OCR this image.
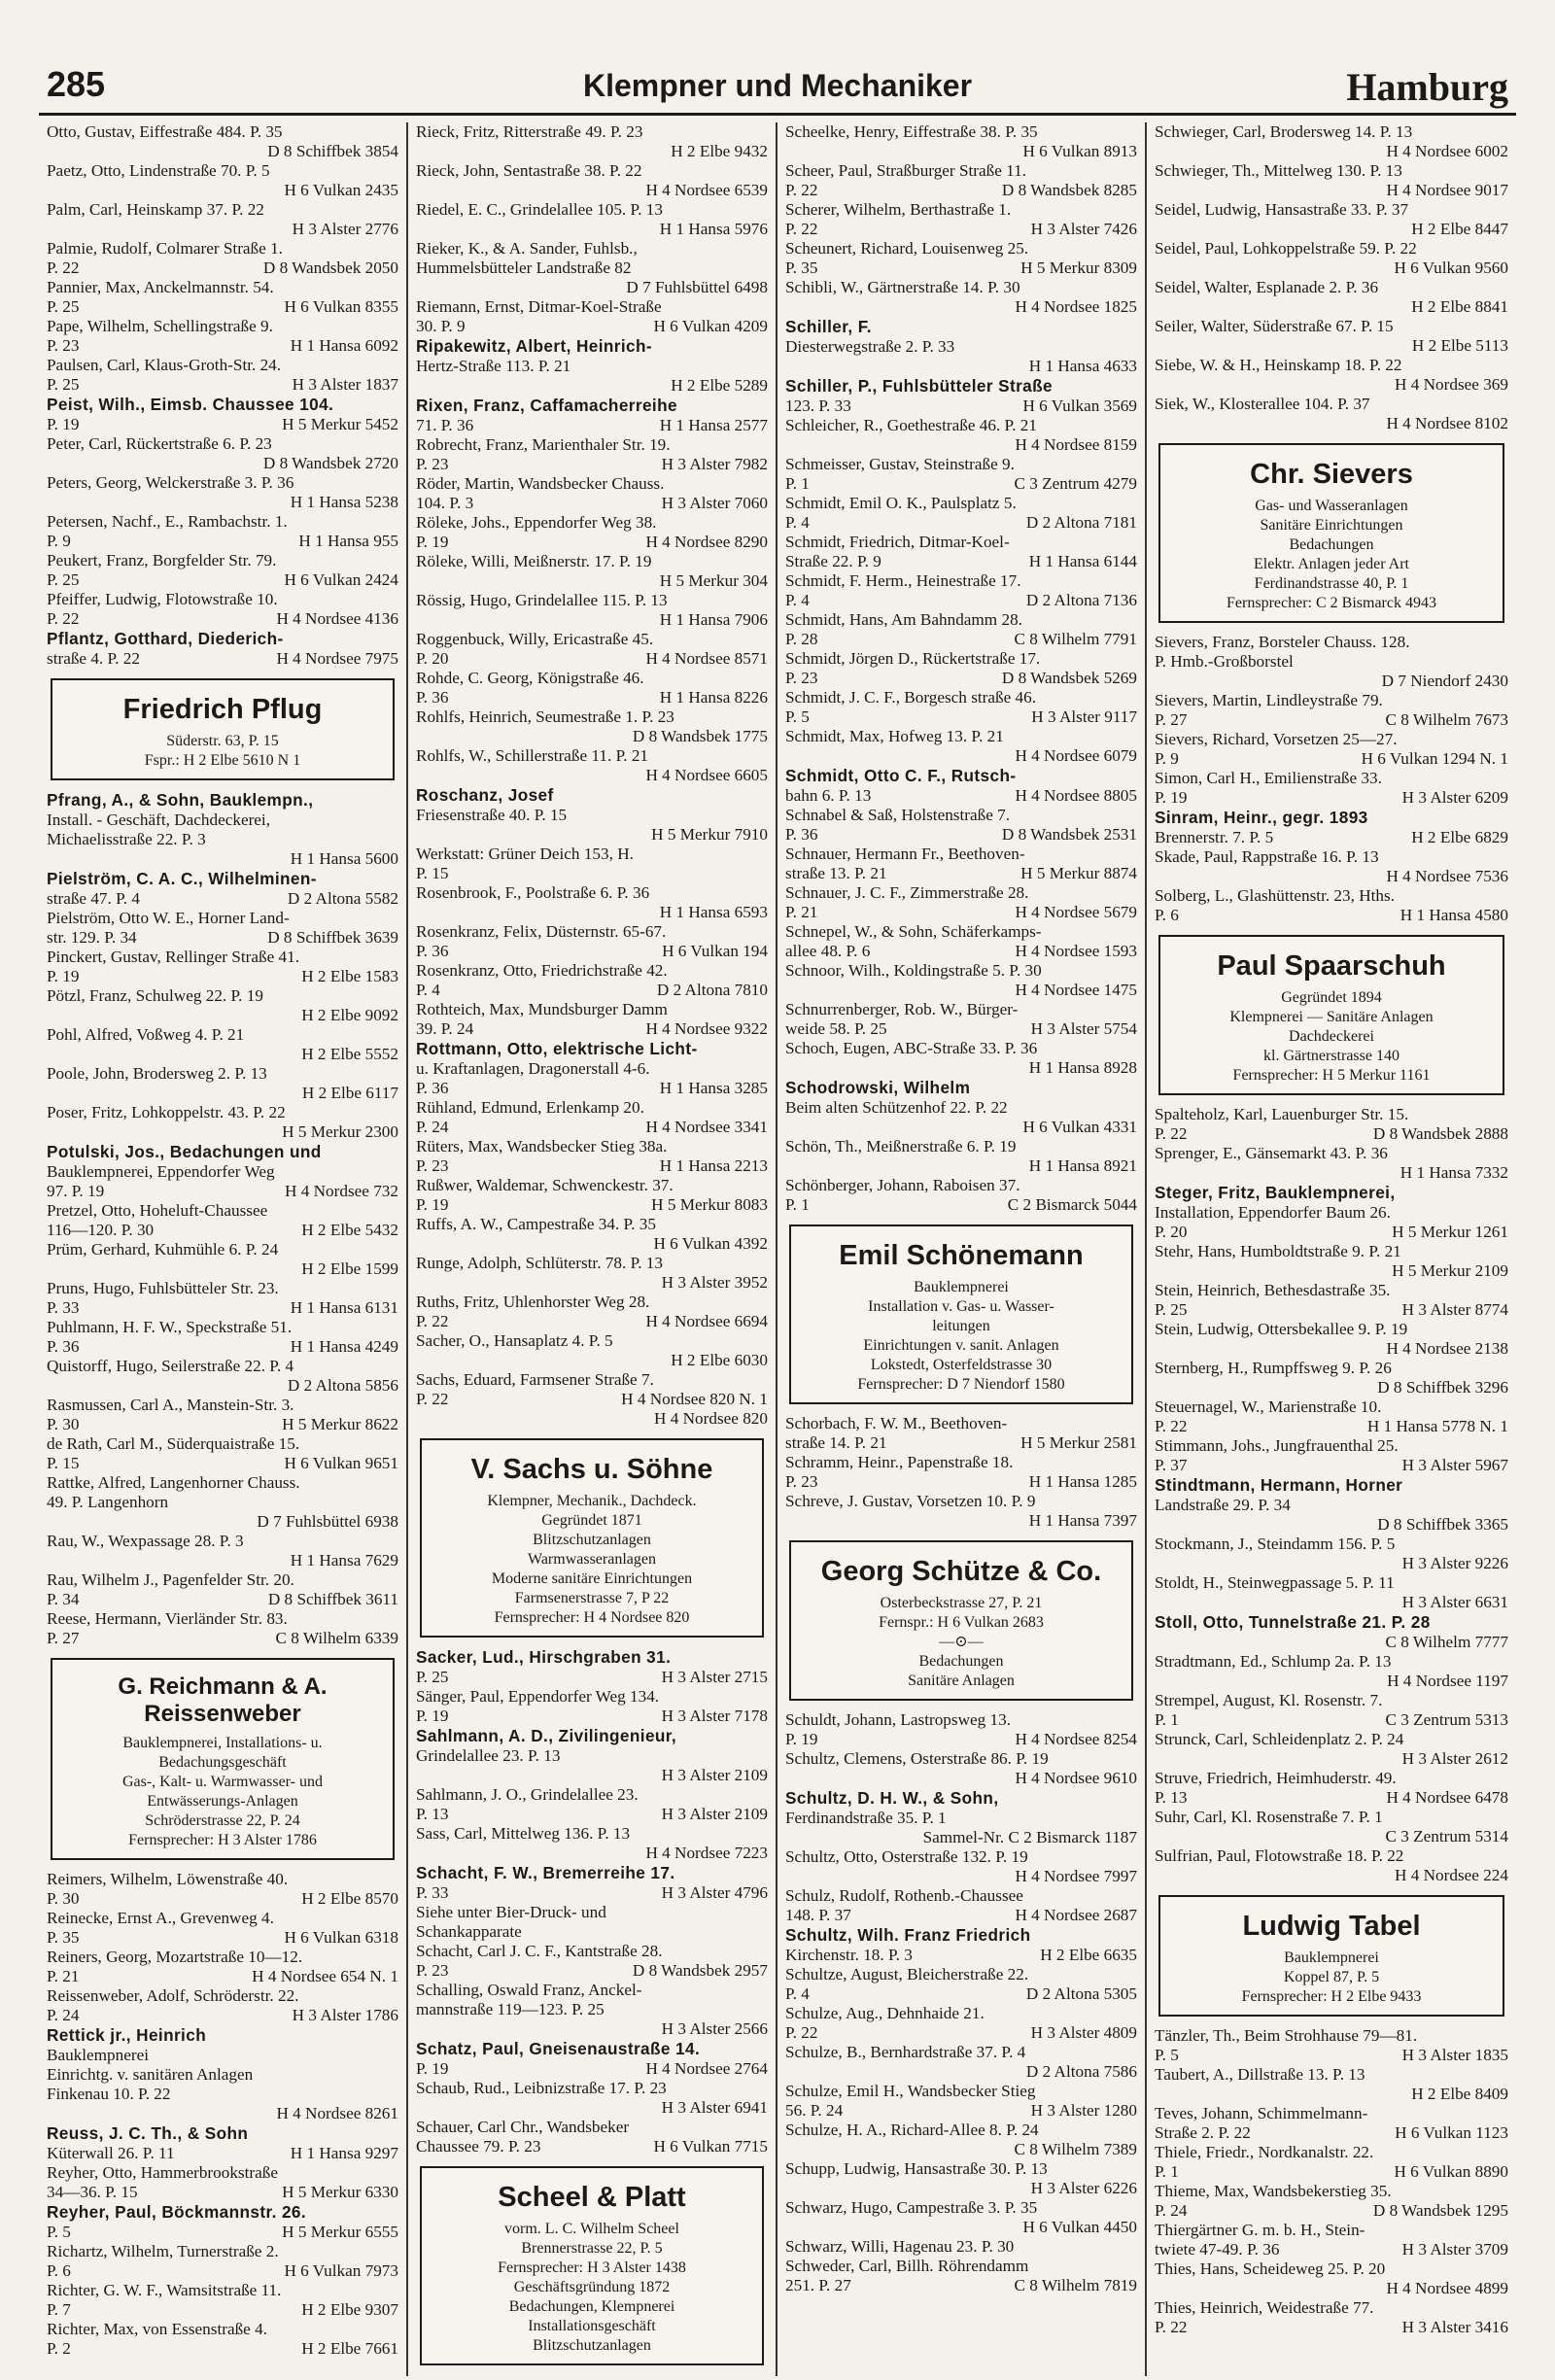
285	Klempner und Mechaniker	Hamburg
Otto, Gustav, Eiffestraße 484. P. 35
D 8 Schiffbek 3854
Paetz, Otto, Lindenstraße 70. P. 5
H 6 Vulkan 2435
Palm, Carl, Heinskamp 37. P. 22
H 3 Alster 2776
Palmie, Rudolf, Colmarer Straße 1.
D 8 Wandsbek 2050
P. 22
Pannier, Max, Anckelmannstr. 54.
H 6 Vulkan 8355
P. 25
Pape, Wilhelm, Schellingstraße 9.
H 1 Hansa 6092
P. 23
Paulsen, Carl, Klaus-Groth-Str. 24.
H 3 Alster 1837
P. 25
Peist, Wilh., Eimsb. Chaussee 104.
H 5 Merkur 5452
P. 19
Peter, Carl, Rückertstraße 6. P. 23
D 8 Wandsbek 2720
Peters, Georg, Welckerstraße 3. P. 36
H 1 Hansa 5238
Petersen, Nachf., E., Rambachstr. 1.
H 1 Hansa 955
P. 9
Peukert, Franz, Borgfelder Str. 79.
H 6 Vulkan 2424
P. 25
Pfeiffer, Ludwig, Flotowstraße 10.
H 4 Nordsee 4136
P. 22
Pflantz, Gotthard, Diederich-
H 4 Nordsee 7975
straße 4. P. 22
Friedrich Pflug
Süderstr. 63, P. 15
Fspr.: H 2 Elbe 5610 N 1
Pfrang, A., & Sohn, Bauklempn.,
Install. - Geschäft, Dachdeckerei,
Michaelisstraße 22. P. 3
H 1 Hansa 5600
Pielström, C. A. C., Wilhelminen-
D 2 Altona 5582
straße 47. P. 4
Pielström, Otto W. E., Horner Land-
D 8 Schiffbek 3639
str. 129. P. 34
Pinckert, Gustav, Rellinger Straße 41.
H 2 Elbe 1583
P. 19
Pötzl, Franz, Schulweg 22. P. 19
H 2 Elbe 9092
Pohl, Alfred, Voßweg 4. P. 21
H 2 Elbe 5552
Poole, John, Brodersweg 2. P. 13
H 2 Elbe 6117
Poser, Fritz, Lohkoppelstr. 43. P. 22
H 5 Merkur 2300
Potulski, Jos., Bedachungen und
Bauklempnerei, Eppendorfer Weg
H 4 Nordsee 732
97. P. 19
Pretzel, Otto, Hoheluft-Chaussee
H 2 Elbe 5432
116—120. P. 30
Prüm, Gerhard, Kuhmühle 6. P. 24
H 2 Elbe 1599
Pruns, Hugo, Fuhlsbütteler Str. 23.
H 1 Hansa 6131
P. 33
Puhlmann, H. F. W., Speckstraße 51.
H 1 Hansa 4249
P. 36
Quistorff, Hugo, Seilerstraße 22. P. 4
D 2 Altona 5856
Rasmussen, Carl A., Manstein-Str. 3.
H 5 Merkur 8622
P. 30
de Rath, Carl M., Süderquaistraße 15.
H 6 Vulkan 9651
P. 15
Rattke, Alfred, Langenhorner Chauss.
49. P. Langenhorn
D 7 Fuhlsbüttel 6938
Rau, W., Wexpassage 28. P. 3
H 1 Hansa 7629
Rau, Wilhelm J., Pagenfelder Str. 20.
D 8 Schiffbek 3611
P. 34
Reese, Hermann, Vierländer Str. 83.
C 8 Wilhelm 6339
P. 27
G. Reichmann & A. Reissenweber
Bauklempnerei, Installations- u.
Bedachungsgeschäft
Gas-, Kalt- u. Warmwasser- und
Entwässerungs-Anlagen
Schröderstrasse 22, P. 24
Fernsprecher: H 3 Alster 1786
Reimers, Wilhelm, Löwenstraße 40.
H 2 Elbe 8570
P. 30
Reinecke, Ernst A., Grevenweg 4.
H 6 Vulkan 6318
P. 35
Reiners, Georg, Mozartstraße 10—12.
H 4 Nordsee 654 N. 1
P. 21
Reissenweber, Adolf, Schröderstr. 22.
H 3 Alster 1786
P. 24
Rettick jr., Heinrich
Bauklempnerei
Einrichtg. v. sanitären Anlagen
Finkenau 10. P. 22
H 4 Nordsee 8261
Reuss, J. C. Th., & Sohn
H 1 Hansa 9297
Küterwall 26. P. 11
Reyher, Otto, Hammerbrookstraße
H 5 Merkur 6330
34—36. P. 15
Reyher, Paul, Böckmannstr. 26.
H 5 Merkur 6555
P. 5
Richartz, Wilhelm, Turnerstraße 2.
H 6 Vulkan 7973
P. 6
Richter, G. W. F., Wamsitstraße 11.
H 2 Elbe 9307
P. 7
Richter, Max, von Essenstraße 4.
H 2 Elbe 7661
P. 2
Rieck, Fritz, Ritterstraße 49. P. 23
H 2 Elbe 9432
Rieck, John, Sentastraße 38. P. 22
H 4 Nordsee 6539
Riedel, E. C., Grindelallee 105. P. 13
H 1 Hansa 5976
Rieker, K., & A. Sander, Fuhlsb.,
Hummelsbütteler Landstraße 82
D 7 Fuhlsbüttel 6498
Riemann, Ernst, Ditmar-Koel-Straße
H 6 Vulkan 4209
30. P. 9
Ripakewitz, Albert, Heinrich-
Hertz-Straße 113. P. 21
H 2 Elbe 5289
Rixen, Franz, Caffamacherreihe
H 1 Hansa 2577
71. P. 36
Robrecht, Franz, Marienthaler Str. 19.
H 3 Alster 7982
P. 23
Röder, Martin, Wandsbecker Chauss.
H 3 Alster 7060
104. P. 3
Röleke, Johs., Eppendorfer Weg 38.
H 4 Nordsee 8290
P. 19
Röleke, Willi, Meißnerstr. 17. P. 19
H 5 Merkur 304
Rössig, Hugo, Grindelallee 115. P. 13
H 1 Hansa 7906
Roggenbuck, Willy, Ericastraße 45.
H 4 Nordsee 8571
P. 20
Rohde, C. Georg, Königstraße 46.
H 1 Hansa 8226
P. 36
Rohlfs, Heinrich, Seumestraße 1. P. 23
D 8 Wandsbek 1775
Rohlfs, W., Schillerstraße 11. P. 21
H 4 Nordsee 6605
Roschanz, Josef
Friesenstraße 40. P. 15
H 5 Merkur 7910
Werkstatt: Grüner Deich 153, H.
P. 15
Rosenbrook, F., Poolstraße 6. P. 36
H 1 Hansa 6593
Rosenkranz, Felix, Düsternstr. 65-67.
H 6 Vulkan 194
P. 36
Rosenkranz, Otto, Friedrichstraße 42.
D 2 Altona 7810
P. 4
Rothteich, Max, Mundsburger Damm
H 4 Nordsee 9322
39. P. 24
Rottmann, Otto, elektrische Licht-
u. Kraftanlagen, Dragonerstall 4-6.
H 1 Hansa 3285
P. 36
Rühland, Edmund, Erlenkamp 20.
H 4 Nordsee 3341
P. 24
Rüters, Max, Wandsbecker Stieg 38a.
H 1 Hansa 2213
P. 23
Rußwer, Waldemar, Schwenckestr. 37.
H 5 Merkur 8083
P. 19
Ruffs, A. W., Campestraße 34. P. 35
H 6 Vulkan 4392
Runge, Adolph, Schlüterstr. 78. P. 13
H 3 Alster 3952
Ruths, Fritz, Uhlenhorster Weg 28.
H 4 Nordsee 6694
P. 22
Sacher, O., Hansaplatz 4. P. 5
H 2 Elbe 6030
Sachs, Eduard, Farmsener Straße 7.
H 4 Nordsee 820 N. 1
P. 22
H 4 Nordsee 820
V. Sachs u. Söhne
Klempner, Mechanik., Dachdeck.
Gegründet 1871
Blitzschutzanlagen
Warmwasseranlagen
Moderne sanitäre Einrichtungen
Farmsenerstrasse 7, P 22
Fernsprecher: H 4 Nordsee 820
Sacker, Lud., Hirschgraben 31.
H 3 Alster 2715
P. 25
Sänger, Paul, Eppendorfer Weg 134.
H 3 Alster 7178
P. 19
Sahlmann, A. D., Zivilingenieur,
Grindelallee 23. P. 13
H 3 Alster 2109
Sahlmann, J. O., Grindelallee 23.
H 3 Alster 2109
P. 13
Sass, Carl, Mittelweg 136. P. 13
H 4 Nordsee 7223
Schacht, F. W., Bremerreihe 17.
H 3 Alster 4796
P. 33
Siehe unter Bier-Druck- und
Schankapparate
Schacht, Carl J. C. F., Kantstraße 28.
D 8 Wandsbek 2957
P. 23
Schalling, Oswald Franz, Anckel-
mannstraße 119—123. P. 25
H 3 Alster 2566
Schatz, Paul, Gneisenaustraße 14.
H 4 Nordsee 2764
P. 19
Schaub, Rud., Leibnizstraße 17. P. 23
H 3 Alster 6941
Schauer, Carl Chr., Wandsbeker
H 6 Vulkan 7715
Chaussee 79. P. 23
Scheel & Platt
vorm. L. C. Wilhelm Scheel
Brennerstrasse 22, P. 5
Fernsprecher: H 3 Alster 1438
Geschäftsgründung 1872
Bedachungen, Klempnerei
Installationsgeschäft
Blitzschutzanlagen
Scheelke, Henry, Eiffestraße 38. P. 35
H 6 Vulkan 8913
Scheer, Paul, Straßburger Straße 11.
D 8 Wandsbek 8285
P. 22
Scherer, Wilhelm, Berthastraße 1.
H 3 Alster 7426
P. 22
Scheunert, Richard, Louisenweg 25.
H 5 Merkur 8309
P. 35
Schibli, W., Gärtnerstraße 14. P. 30
H 4 Nordsee 1825
Schiller, F.
Diesterwegstraße 2. P. 33
H 1 Hansa 4633
Schiller, P., Fuhlsbütteler Straße
H 6 Vulkan 3569
123. P. 33
Schleicher, R., Goethestraße 46. P. 21
H 4 Nordsee 8159
Schmeisser, Gustav, Steinstraße 9.
C 3 Zentrum 4279
P. 1
Schmidt, Emil O. K., Paulsplatz 5.
D 2 Altona 7181
P. 4
Schmidt, Friedrich, Ditmar-Koel-
H 1 Hansa 6144
Straße 22. P. 9
Schmidt, F. Herm., Heinestraße 17.
D 2 Altona 7136
P. 4
Schmidt, Hans, Am Bahndamm 28.
C 8 Wilhelm 7791
P. 28
Schmidt, Jörgen D., Rückertstraße 17.
D 8 Wandsbek 5269
P. 23
Schmidt, J. C. F., Borgesch straße 46.
H 3 Alster 9117
P. 5
Schmidt, Max, Hofweg 13. P. 21
H 4 Nordsee 6079
Schmidt, Otto C. F., Rutsch-
H 4 Nordsee 8805
bahn 6. P. 13
Schnabel & Saß, Holstenstraße 7.
D 8 Wandsbek 2531
P. 36
Schnauer, Hermann Fr., Beethoven-
H 5 Merkur 8874
straße 13. P. 21
Schnauer, J. C. F., Zimmerstraße 28.
H 4 Nordsee 5679
P. 21
Schnepel, W., & Sohn, Schäferkamps-
H 4 Nordsee 1593
allee 48. P. 6
Schnoor, Wilh., Koldingstraße 5. P. 30
H 4 Nordsee 1475
Schnurrenberger, Rob. W., Bürger-
H 3 Alster 5754
weide 58. P. 25
Schoch, Eugen, ABC-Straße 33. P. 36
H 1 Hansa 8928
Schodrowski, Wilhelm
Beim alten Schützenhof 22. P. 22
H 6 Vulkan 4331
Schön, Th., Meißnerstraße 6. P. 19
H 1 Hansa 8921
Schönberger, Johann, Raboisen 37.
C 2 Bismarck 5044
P. 1
Emil Schönemann
Bauklempnerei
Installation v. Gas- u. Wasser-
leitungen
Einrichtungen v. sanit. Anlagen
Lokstedt, Osterfeldstrasse 30
Fernsprecher: D 7 Niendorf 1580
Schorbach, F. W. M., Beethoven-
H 5 Merkur 2581
straße 14. P. 21
Schramm, Heinr., Papenstraße 18.
H 1 Hansa 1285
P. 23
Schreve, J. Gustav, Vorsetzen 10. P. 9
H 1 Hansa 7397
Georg Schütze & Co.
Osterbeckstrasse 27, P. 21
Fernspr.: H 6 Vulkan 2683
—⊙—
Bedachungen
Sanitäre Anlagen
Schuldt, Johann, Lastropsweg 13.
H 4 Nordsee 8254
P. 19
Schultz, Clemens, Osterstraße 86. P. 19
H 4 Nordsee 9610
Schultz, D. H. W., & Sohn,
Ferdinandstraße 35. P. 1
Sammel-Nr. C 2 Bismarck 1187
Schultz, Otto, Osterstraße 132. P. 19
H 4 Nordsee 7997
Schulz, Rudolf, Rothenb.-Chaussee
H 4 Nordsee 2687
148. P. 37
Schultz, Wilh. Franz Friedrich
H 2 Elbe 6635
Kirchenstr. 18. P. 3
Schultze, August, Bleicherstraße 22.
D 2 Altona 5305
P. 4
Schulze, Aug., Dehnhaide 21.
H 3 Alster 4809
P. 22
Schulze, B., Bernhardstraße 37. P. 4
D 2 Altona 7586
Schulze, Emil H., Wandsbecker Stieg
H 3 Alster 1280
56. P. 24
Schulze, H. A., Richard-Allee 8. P. 24
C 8 Wilhelm 7389
Schupp, Ludwig, Hansastraße 30. P. 13
H 3 Alster 6226
Schwarz, Hugo, Campestraße 3. P. 35
H 6 Vulkan 4450
Schwarz, Willi, Hagenau 23. P. 30
Schweder, Carl, Billh. Röhrendamm
C 8 Wilhelm 7819
251. P. 27
Schwieger, Carl, Brodersweg 14. P. 13
H 4 Nordsee 6002
Schwieger, Th., Mittelweg 130. P. 13
H 4 Nordsee 9017
Seidel, Ludwig, Hansastraße 33. P. 37
H 2 Elbe 8447
Seidel, Paul, Lohkoppelstraße 59. P. 22
H 6 Vulkan 9560
Seidel, Walter, Esplanade 2. P. 36
H 2 Elbe 8841
Seiler, Walter, Süderstraße 67. P. 15
H 2 Elbe 5113
Siebe, W. & H., Heinskamp 18. P. 22
H 4 Nordsee 369
Siek, W., Klosterallee 104. P. 37
H 4 Nordsee 8102
Chr. Sievers
Gas- und Wasseranlagen
Sanitäre Einrichtungen
Bedachungen
Elektr. Anlagen jeder Art
Ferdinandstrasse 40, P. 1
Fernsprecher: C 2 Bismarck 4943
Sievers, Franz, Borsteler Chauss. 128.
P. Hmb.-Großborstel
D 7 Niendorf 2430
Sievers, Martin, Lindleystraße 79.
C 8 Wilhelm 7673
P. 27
Sievers, Richard, Vorsetzen 25—27.
H 6 Vulkan 1294 N. 1
P. 9
Simon, Carl H., Emilienstraße 33.
H 3 Alster 6209
P. 19
Sinram, Heinr., gegr. 1893
H 2 Elbe 6829
Brennerstr. 7. P. 5
Skade, Paul, Rappstraße 16. P. 13
H 4 Nordsee 7536
Solberg, L., Glashüttenstr. 23, Hths.
H 1 Hansa 4580
P. 6
Paul Spaarschuh
Gegründet 1894
Klempnerei — Sanitäre Anlagen
Dachdeckerei
kl. Gärtnerstrasse 140
Fernsprecher: H 5 Merkur 1161
Spalteholz, Karl, Lauenburger Str. 15.
D 8 Wandsbek 2888
P. 22
Sprenger, E., Gänsemarkt 43. P. 36
H 1 Hansa 7332
Steger, Fritz, Bauklempnerei,
Installation, Eppendorfer Baum 26.
H 5 Merkur 1261
P. 20
Stehr, Hans, Humboldtstraße 9. P. 21
H 5 Merkur 2109
Stein, Heinrich, Bethesdastraße 35.
H 3 Alster 8774
P. 25
Stein, Ludwig, Ottersbekallee 9. P. 19
H 4 Nordsee 2138
Sternberg, H., Rumpffsweg 9. P. 26
D 8 Schiffbek 3296
Steuernagel, W., Marienstraße 10.
H 1 Hansa 5778 N. 1
P. 22
Stimmann, Johs., Jungfrauenthal 25.
H 3 Alster 5967
P. 37
Stindtmann, Hermann, Horner
Landstraße 29. P. 34
D 8 Schiffbek 3365
Stockmann, J., Steindamm 156. P. 5
H 3 Alster 9226
Stoldt, H., Steinwegpassage 5. P. 11
H 3 Alster 6631
Stoll, Otto, Tunnelstraße 21. P. 28
C 8 Wilhelm 7777
Stradtmann, Ed., Schlump 2a. P. 13
H 4 Nordsee 1197
Strempel, August, Kl. Rosenstr. 7.
C 3 Zentrum 5313
P. 1
Strunck, Carl, Schleidenplatz 2. P. 24
H 3 Alster 2612
Struve, Friedrich, Heimhuderstr. 49.
H 4 Nordsee 6478
P. 13
Suhr, Carl, Kl. Rosenstraße 7. P. 1
C 3 Zentrum 5314
Sulfrian, Paul, Flotowstraße 18. P. 22
H 4 Nordsee 224
Ludwig Tabel
Bauklempnerei
Koppel 87, P. 5
Fernsprecher: H 2 Elbe 9433
Tänzler, Th., Beim Strohhause 79—81.
H 3 Alster 1835
P. 5
Taubert, A., Dillstraße 13. P. 13
H 2 Elbe 8409
Teves, Johann, Schimmelmann-
H 6 Vulkan 1123
Straße 2. P. 22
Thiele, Friedr., Nordkanalstr. 22.
H 6 Vulkan 8890
P. 1
Thieme, Max, Wandsbekerstieg 35.
D 8 Wandsbek 1295
P. 24
Thiergärtner G. m. b. H., Stein-
H 3 Alster 3709
twiete 47-49. P. 36
Thies, Hans, Scheideweg 25. P. 20
H 4 Nordsee 4899
Thies, Heinrich, Weidestraße 77.
H 3 Alster 3416
P. 22
